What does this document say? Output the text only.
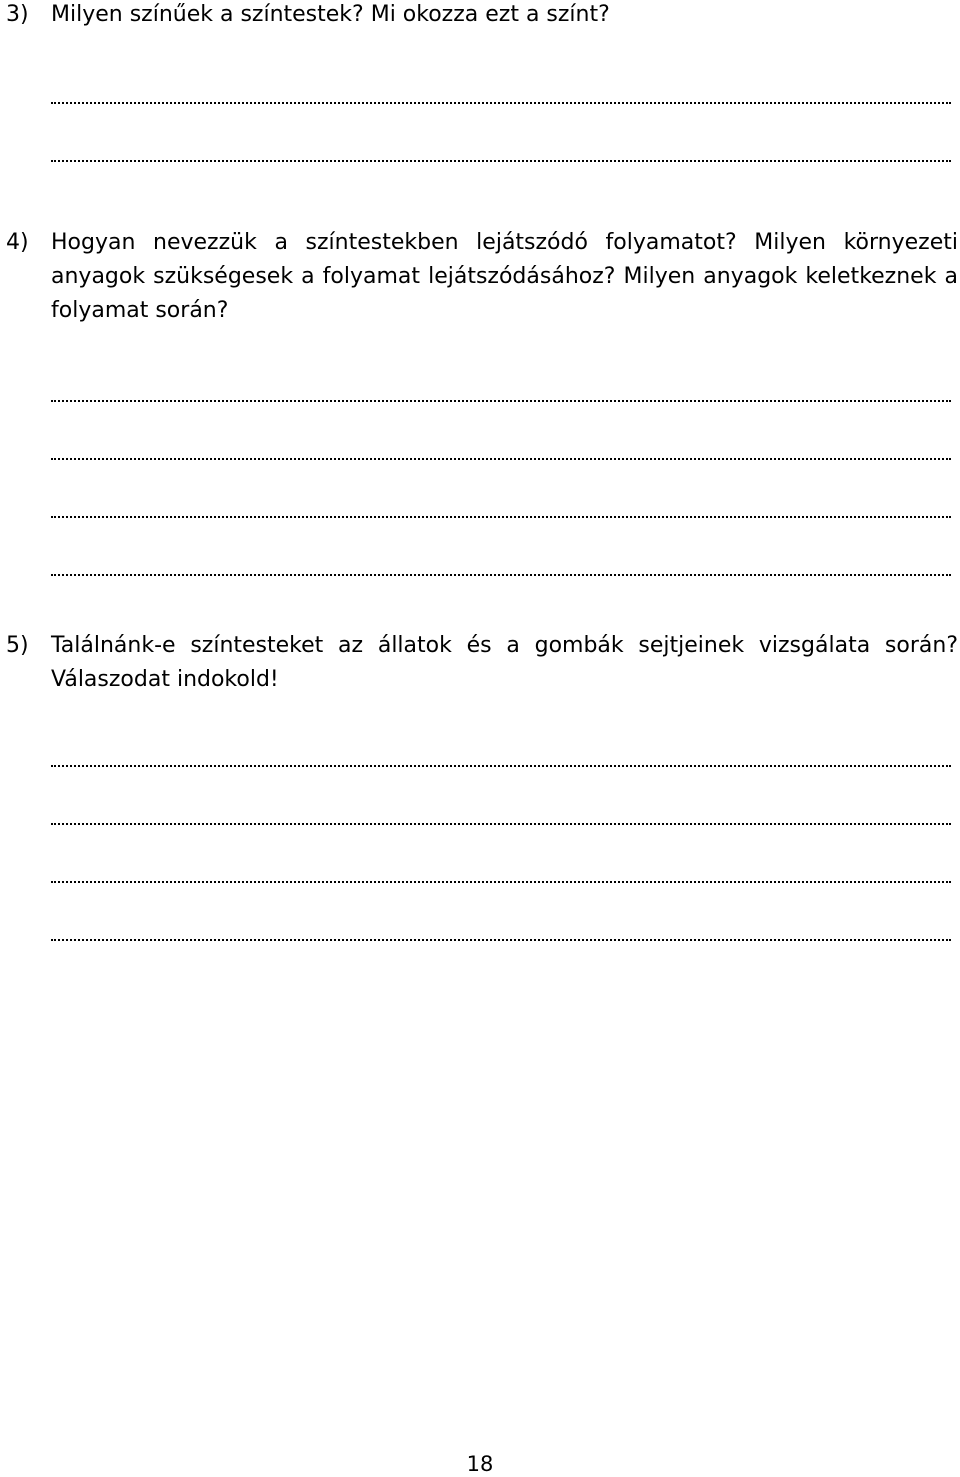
3) Milyen színűek a színtestek? Mi okozza ezt a színt?
4) Hogyan nevezzük a színtestekben lejátszódó folyamatot? Milyen környezeti anyagok szükségesek a folyamat lejátszódásához? Milyen anyagok keletkeznek a folyamat során?
5) Találnánk-e színtesteket az állatok és a gombák sejtjeinek vizsgálata során? Válaszodat indokold!
18
